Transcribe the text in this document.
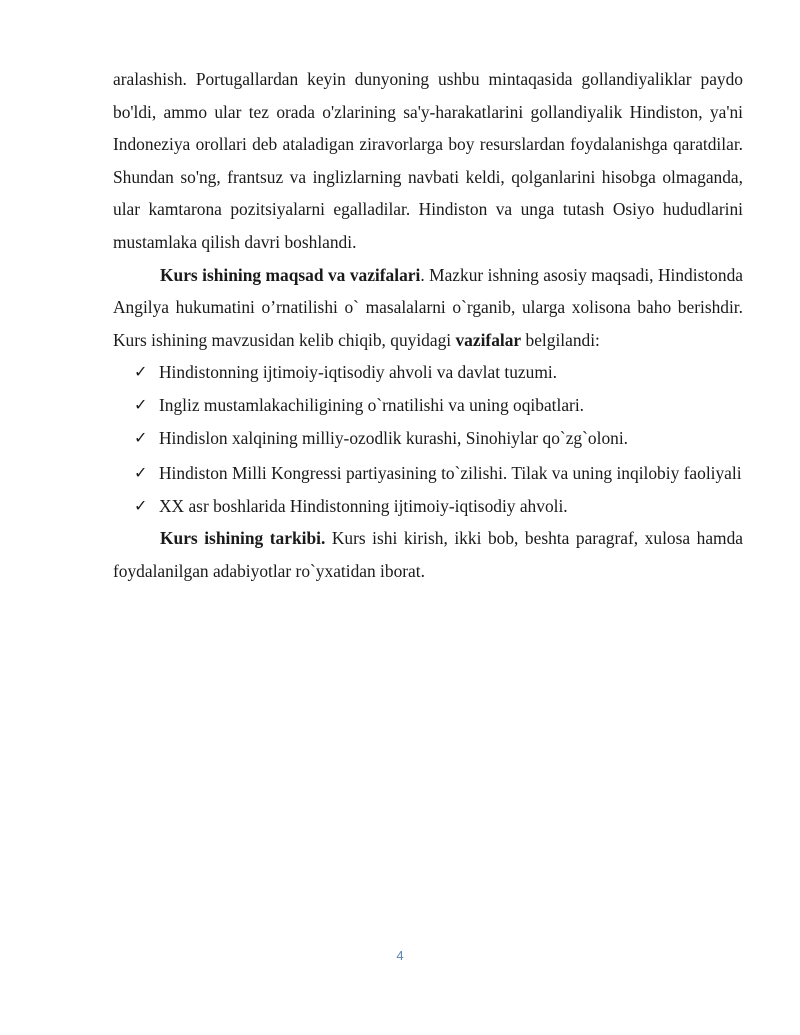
aralashish. Portugallardan keyin dunyoning ushbu mintaqasida gollandiyaliklar paydo bo'ldi, ammo ular tez orada o'zlarining sa'y-harakatlarini gollandiyalik Hindiston, ya'ni Indoneziya orollari deb ataladigan ziravorlarga boy resurslardan foydalanishga qaratdilar. Shundan so'ng, frantsuz va inglizlarning navbati keldi, qolganlarini hisobga olmaganda, ular kamtarona pozitsiyalarni egalladilar. Hindiston va unga tutash Osiyo hududlarini mustamlaka qilish davri boshlandi.

Kurs ishining maqsad va vazifalari. Mazkur ishning asosiy maqsadi, Hindistonda Angilya hukumatini o’rnatilishi o` masalalarni o`rganib, ularga xolisona baho berishdir. Kurs ishining mavzusidan kelib chiqib, quyidagi vazifalar belgilandi:

✓ Hindistonning ijtimoiy-iqtisodiy ahvoli va davlat tuzumi.
✓ Ingliz mustamlakachiligining o`rnatilishi va uning oqibatlari.
✓ Hindislon xalqining milliy-ozodlik kurashi, Sinohiylar qo`zg`oloni.
✓ Hindiston Milli Kongressi partiyasining to`zilishi. Tilak va uning inqilobiy faoliyali
✓ XX asr boshlarida Hindistonning ijtimoiy-iqtisodiy ahvoli.

Kurs ishining tarkibi. Kurs ishi kirish, ikki bob, beshta paragraf, xulosa hamda foydalanilgan adabiyotlar ro`yxatidan iborat.

4
